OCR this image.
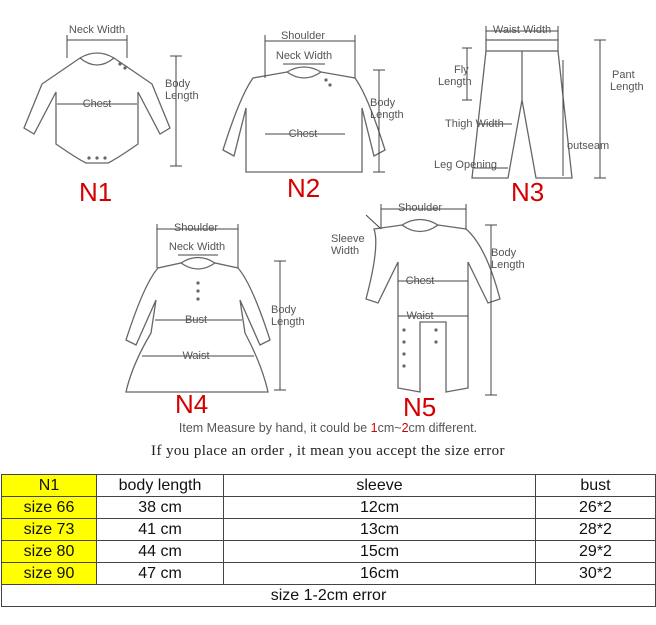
Neck Width
Chest
Body
Length
N1
Shoulder
Neck Width
Chest
Body
Length
N2
Waist Width
Fly
Length
Pant
Length
Thigh Width
outseam
Leg Opening
N3
Shoulder
Neck Width
Bust
Waist
Body
Length
N4
Shoulder
Sleeve
Width
Chest
Waist
Body
Length
N5
Item Measure by hand, it could be 1cm~2cm different.
If you place an order , it mean you accept the size error
N1	body length	sleeve	bust
size 66	38 cm	12cm	26*2
size 73	41 cm	13cm	28*2
size 80	44 cm	15cm	29*2
size 90	47 cm	16cm	30*2
size 1-2cm error			
